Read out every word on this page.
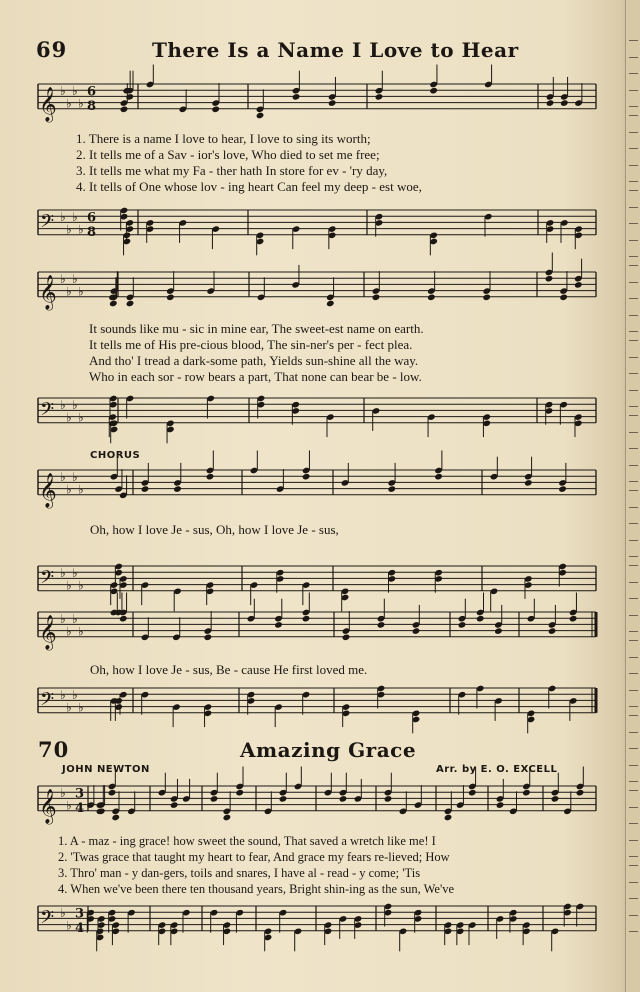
69	There Is a Name I Love to Hear
𝄞 ♭
♭
♭
♭
6
8
𝄢 ♭
♭
♭
♭
6
8
𝄞 ♭
♭
♭
♭
𝄢 ♭
♭
♭
♭
𝄞 ♭
♭
♭
♭
𝄢 ♭
♭
♭
♭
𝄞 ♭
♭
♭
♭
𝄢 ♭
♭
♭
♭
𝄞 ♭
♭
3
4
𝄢 ♭
♭
3
4
1. There is a name I love to hear, I love to sing its worth;
2. It tells me of a Sav - ior's love, Who died to set me free;
3. It tells me what my Fa - ther hath In store for ev - 'ry day,
4. It tells of One whose lov - ing heart Can feel my deep - est woe,
It sounds like mu - sic in mine ear, The sweet-est name on earth.
It tells me of His pre-cious blood, The sin-ner's per - fect plea.
And tho' I tread a dark-some path, Yields sun-shine all the way.
Who in each sor - row bears a part, That none can bear be - low.
CHORUS
Oh, how I love Je - sus, Oh, how I love Je - sus,
Oh, how I love Je - sus, Be - cause He first loved me.
70	Amazing Grace
JOHN NEWTON	Arr. by E. O. EXCELL
1. A - maz - ing grace! how sweet the sound, That saved a wretch like me! I
2. 'Twas grace that taught my heart to fear, And grace my fears re-lieved; How
3. Thro' man - y dan-gers, toils and snares, I have al - read - y come; 'Tis
4. When we've been there ten thousand years, Bright shin-ing as the sun, We've
